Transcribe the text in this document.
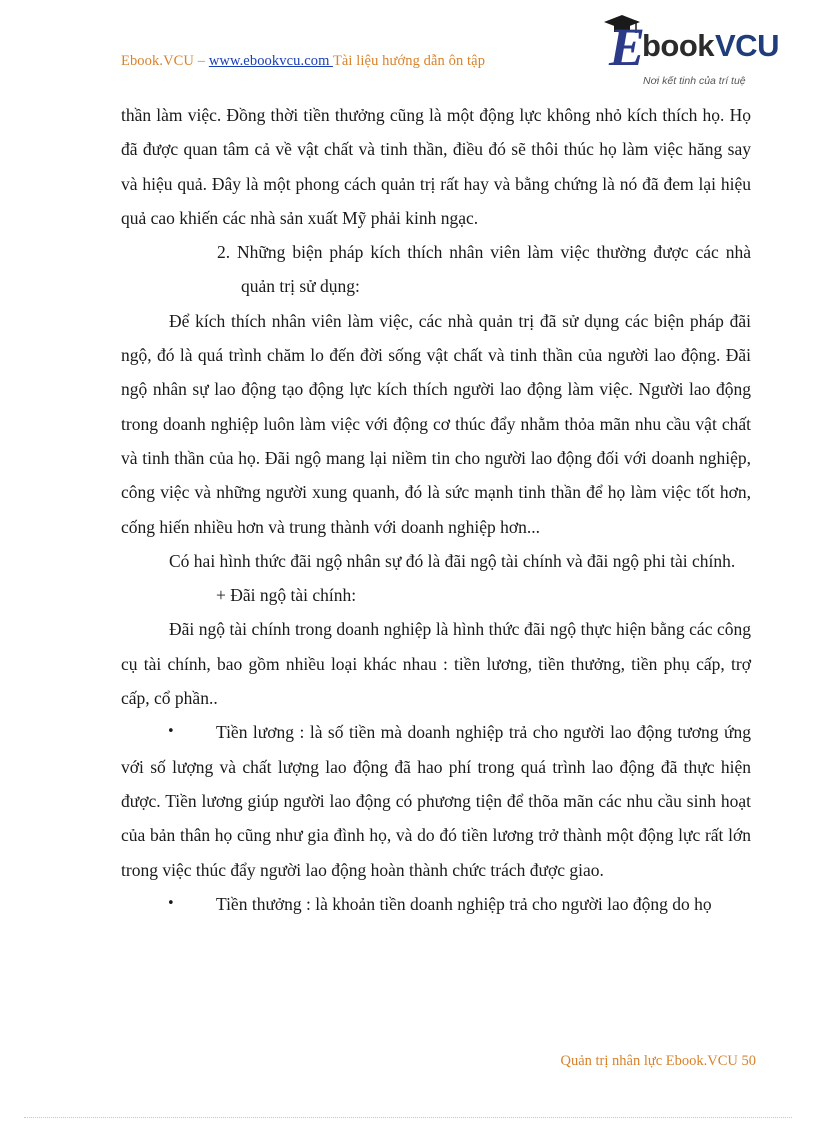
Ebook.VCU – www.ebookvcu.com Tài liệu hướng dẫn ôn tập E
book VCU
Nơi kết tinh của trí tuệ

thần làm việc. Đồng thời tiền thưởng cũng là một động lực không nhỏ kích thích họ. Họ đã được quan tâm cả về vật chất và tinh thần, điều đó sẽ thôi thúc họ làm việc hăng say và hiệu quả. Đây là một phong cách quản trị rất hay và bằng chứng là nó đã đem lại hiệu quả cao khiến các nhà sản xuất Mỹ phải kinh ngạc.

2. Những biện pháp kích thích nhân viên làm việc thường được các nhà quản trị sử dụng:

Để kích thích nhân viên làm việc, các nhà quản trị đã sử dụng các biện pháp đãi ngộ, đó là quá trình chăm lo đến đời sống vật chất và tinh thần của người lao động. Đãi ngộ nhân sự lao động tạo động lực kích thích người lao động làm việc. Người lao động trong doanh nghiệp luôn làm việc với động cơ thúc đẩy nhằm thỏa mãn nhu cầu vật chất và tinh thần của họ. Đãi ngộ mang lại niềm tin cho người lao động đối với doanh nghiệp, công việc và những người xung quanh, đó là sức mạnh tinh thần để họ làm việc tốt hơn, cống hiến nhiều hơn và trung thành với doanh nghiệp hơn...

Có hai hình thức đãi ngộ nhân sự đó là đãi ngộ tài chính và đãi ngộ phi tài chính.

+ Đãi ngộ tài chính:

Đãi ngộ tài chính trong doanh nghiệp là hình thức đãi ngộ thực hiện bằng các công cụ tài chính, bao gồm nhiều loại khác nhau : tiền lương, tiền thưởng, tiền phụ cấp, trợ cấp, cổ phần..

• Tiền lương : là số tiền mà doanh nghiệp trả cho người lao động tương ứng với số lượng và chất lượng lao động đã hao phí trong quá trình lao động đã thực hiện được. Tiền lương giúp người lao động có phương tiện để thõa mãn các nhu cầu sinh hoạt của bản thân họ cũng như gia đình họ, và do đó tiền lương trở thành một động lực rất lớn trong việc thúc đẩy người lao động hoàn thành chức trách được giao.

• Tiền thưởng : là khoản tiền doanh nghiệp trả cho người lao động do họ

Quản trị nhân lực Ebook.VCU 50
